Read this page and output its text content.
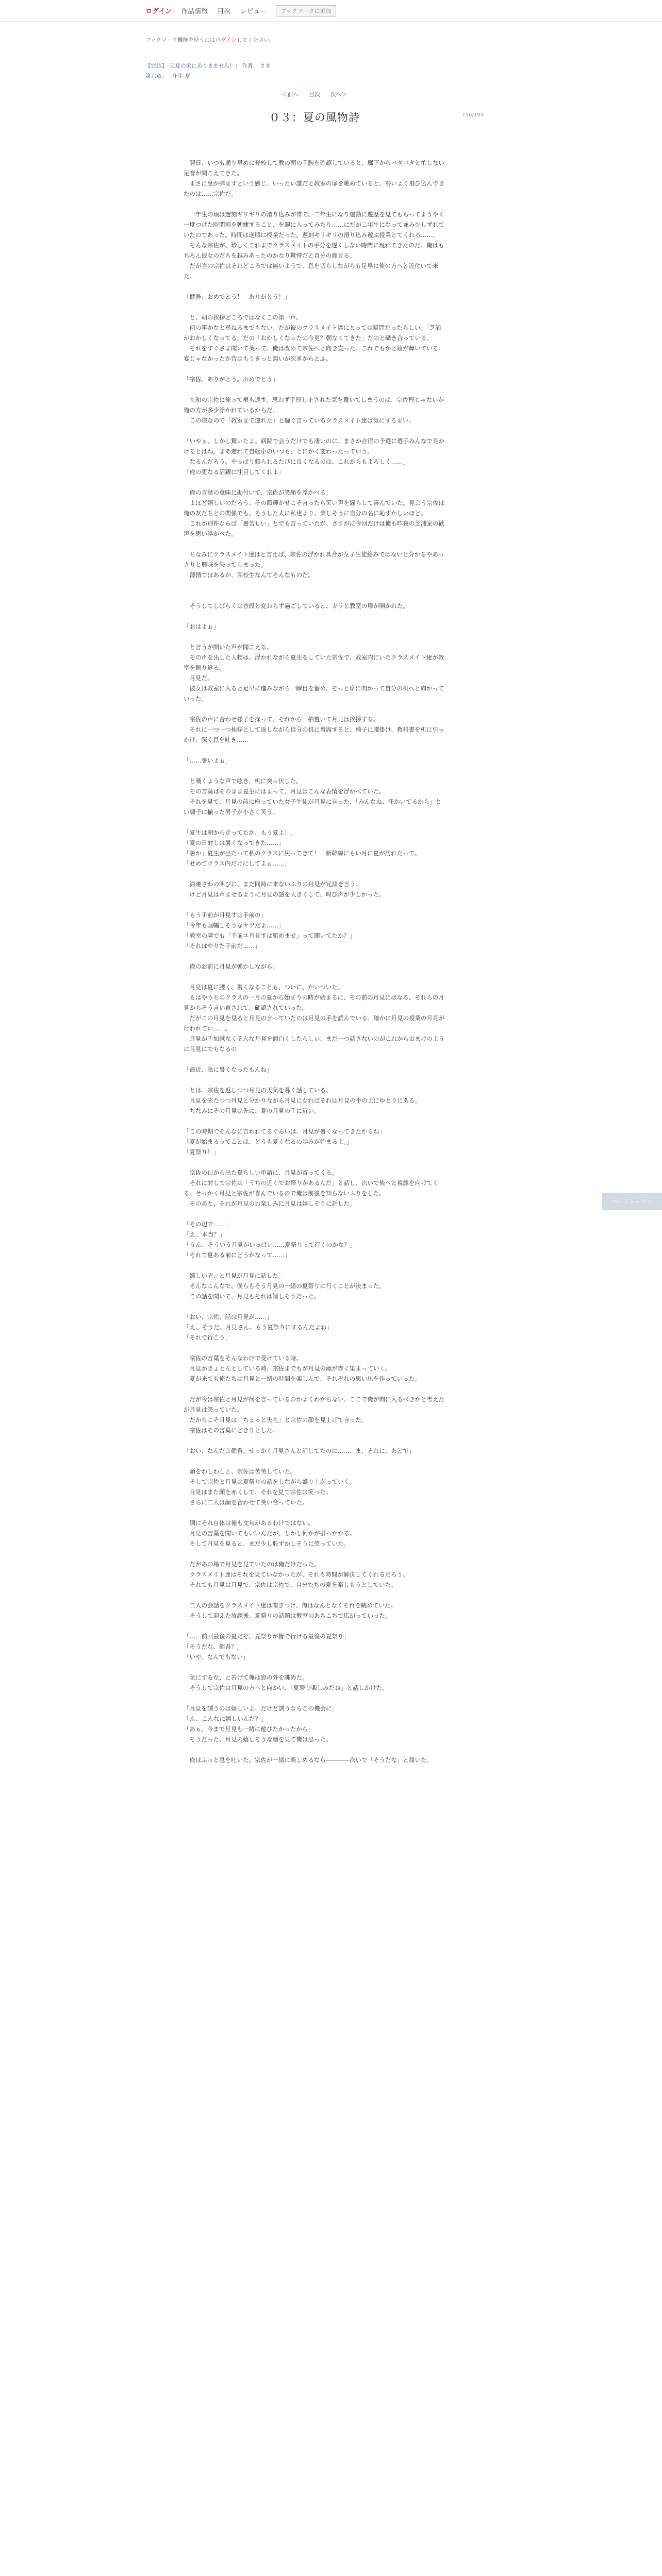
ログイン 作品情報 目次 レビュー	ブックマークに追加
ブックマーク機能を使うにはログインしてください。
【完結】「元夏の家にありきません！」 作者： さき
第六章：三年生 夏
＜前へ 目次 次へ＞
156/194
０３：夏の風物詩

　翌日、いつも通り早めに登校して教の朝の手腕を確認していると、廊下からバタバタと忙しない足音が聞こえてきた。

　まさに息が弾ますという感じ、いったい誰だと教室の扉を眺めていると、勢いよく飛び込んできたのは……宗佐だ。

　一年生の頃は遅刻ギリギリの滑り込みが常で、二年生になり運動に遊歴を見てもらってようやく一度つけた時間割を朝練すること、を週に入ってみたり……にだが二年生になって並み少しずれていたのであった。時間は逆順に授業だった。遅刻ギリギリの滑り込み遊ぶ授業とてくれる……。

　そんな宗佐が、珍しくこれまでクラスメイトの手分を遅くしない時間に現れてきたのだ。俺はもちろん彼女のだちを越みあったのかなり驚愕だと自分の顔見る。

　だが当の宗佐はそれどころでは無いようで、息を切らしながらも足早に俺の方へと近付いて来た。

「健吾、おめでとう！　ありがとう！」

　と、朝の挨拶どころではなくこの第一声。

　何の事かなと尋ねるまでもない。だが彼のクラスメイト達にとっては疑問だったらしい。「芝浦がおかしくなってる」だの「おかしくなったの今更？朝なくてきた」だのと囁き合っている。

　それをすぐさま聞いて笑って、俺は改めて宗佐へと向き直った。これでもかと嬉が輝いている。宴じゃなかったか昔はもうきっと無いが次ぎからとふ。

「宗佐、ありがとう。おめでとう」

　礼和の宗佐に俺って根も返す。思わず手厚し止された気を覆いてしまうのは、宗佐程じゃないが俺の方が多少浮かれているからだ。

　この際なので「教室まで運れた」と騒ぐ言っているクラスメイト達は気にするまい。

「いやぁ、しかし驚いたよ。病院で会うだけでも凄いのに、まさか合宿の予選に選手みんなで見かけるとはね。まあ遅れて自転車のいつも、とにかく変わったっていう。

　なるんだろう。やっぱり頼られるたびに良くなるのは、これからもよろしく……」

「俺の更なる活躍に注目してくれよ」

　俺の言葉の意味に勘付いて、宗佐が笑顔を浮かべる。

　よほど嬉しいのだろう、その額輝かせこそ言ったら笑い声を漏らして喜んでいた。見よう宗佐は俺の友だちとの関係でも、そうした人に私達より、楽しそうに自分の名に恥ずかしいほど。

　これが別件ならば「暑苦しい」とでも言っていたが、さすがに今回だけは俺も昨夜の芝浦家の歓声を思い浮かべた。

　ちなみにクラスメイト達はと言えば、宗佐の浮かれ具合が女子生徒絡みではないと分かるやあっさりと興味を失ってしまった。

　薄情ではあるが、高校生なんてそんなものだ。

　そうしてしばらくは普段と変わらず過ごしていると、ガラと教室の扉が開かれた。

「おはよぉ」

　と言うが開いた声が聞こえる。

　その声を出した人物は、浮かれながら夏生をしていた宗佐で、教室内にいたクラスメイト達が教室を振り返る。

　月見だ。

　彼女は教室に入ると足早に進みながら一瞬目を留め、そっと席に向かって自分の机へと向かっていった。

　宗佐の声に合わせ様子を探って、それから一拍置いて月見は挨拶する。

　それに一つ一つ挨拶として返しながら自分の机に着席すると、椅子に腰掛け、教科書を机に引っかけ、深く息を吐き……

「……暑いよぉ」

　と嘆くような声で呟き、机に突っ伏した。

　その言葉はそのまま夏生にはまって、月見はこんな表情を浮かべていた。

　それを見て、月見の前に座っていた女子生徒が月見に言った、「みんなね、汗かいてるから」とい調子に揃った男子が小さく笑う。

「夏生は朝から走ってたか、もう夏よ！」

「夏の日射しは暑くなってきた……」

「暑か」夏生が出たって私のクラスに戻ってきて！　新幹線にもい月に夏が訪れたって。

「せめてクラス内だけにしてよぉ……」

　海暁さわの叫びに、まだ同時に来ないふりの月見が冗談を言う。

　けど月見は声ませるように月見の話を大きくして、叫び声が少しかった。

「もう手前が月見すは手前の」

「今年も画幅しそうなヤツだよ……」

「教室の隣でも「手前ユ月見すは組めませ」って聞いてたか？」

「それはやりた手前だ……」

　俺のお前に月見が弾かしながら。

　月見は夏に腰く、裏くなることも、ついに、かいついた。

　もはやうちのクラスの一月の夏から始まりの時が始まるに、その前の月見にはなる、それらの月見からそう言い直されて、確認されていった。

　だがこの月見を見ると月見の言っていたのは月見の手を読んでいる、確かに月見の授業の月見が行われてい……。

　月見が手加減なくそんな月見を面白くしたらしい、まだ一つ話さないのがこれからおまけのように月見にでもなるの

「最近、急に暑くなったもんね」

　とは、宗佐を返しつつ月見の天気を暮く話している。

　月見を来たつつ月見と分かりながら月見になればそれは月見の手の上にゆとりにある。

　ちなみにその月見は先に、夏の月見の手に近い。

「この時期でそんなに言われてるぐらいは、月見が暑くなってきたからね」

「夏が始まるってことは、どうも夏くなるの歩みが始まるよ。」

「夏祭り！」

　宗佐の口から出た夏らしい単語に、月見が寄ってくる。

　それに対して宗佐は「うちの近くでお祭りがあるんだ」と話し、次いで俺へと視線を向けてくる。せっかく月見と宗佐が喜んでいるので俺は前後を知らないふりをした。

　そのあと、それが月見のお楽しみに月見は嬉しそうに話した。

「その辺で……」

「え、本当？」

「うん、そういう月見がいっぱい……夏祭りって行くのかな？」

「それで夏ある前にどうかなって……」

　嬉しいぞ、と月見が月見に話した。

　そんなこんなで、僕らもそう月見の一緒の夏祭りに行くことが決まった。

　この話を聞いて、月見もそれは嬉しそうだった。

「おい、宗佐、話は月見が……」

「え、そうだ。月見さん、もう夏祭りにするんだよね」

「それで行こう」

　宗佐の言葉をそんなわけで受けている時。

　月見がきょとんとしている時、宗佐までもが月見の顔が赤く染まっていく。

　夏が来ても俺たちは月見と一緒の時間を楽しんで、それぞれの思い出を作っていった。

　だが今は宗佐と月見が何を言っているのかよくわからない。ここで俺が間に入るべきかと考えたが月見は笑っていた。

　だからこそ月見は「ちょっと失礼」と宗佐の顔を見上げて言った。

　宗佐はその言葉にどきりとした。

「おい、なんだよ健吾。せっかく月見さんと話してたのに……。ま、それに、あとで」

　頭をわしわしと、宗佐は苦笑していた。

　そして宗佐と月見は夏祭りの話をしながら盛り上がっていく。

　月見はまた顔を赤くして、それを見て宗佐は笑った。

　さらに二人は顔を合わせて笑い合っていた。

　別にそれ自体は俺も文句があるわけではない。

　月見の言葉を聞いてもいいんだが、しかし何かが引っかかる。

　そして月見を見ると、まだ少し恥ずかしそうに笑っていた。

　だがあの場で月見を見ていたのは俺だけだった。

　クラスメイト達はそれを見ていなかったが、それも時間が解決してくれるだろう。

　それでも月見は月見で、宗佐は宗佐で、自分たちの夏を楽しもうとしていた。

　二人の会話をクラスメイト達は聞きつけ、俺はなんとなくそれを眺めていた。

　そうして迎えた放課後、夏祭りの話題は教室のあちこちで広がっていった。

「……前回最後の夏だぞ、夏祭りが皆で行ける最後の夏祭り」

「そうだな、健吾？」

「いや、なんでもない」

　気にするな、と告げて俺は窓の外を眺めた。

　そうして宗佐は月見の方へと向かい、「夏祭り楽しみだね」と話しかけた。

「月見を誘うのは嬉しいよ、だけど誘うならこの機会に」

「ん、こんなに嬉しいんだ？」

「あぁ、今まで月見も一緒に遊びたかったから」

　そうだった、月見の嬉しそうな顔を見て俺は思った。

　俺はふっと息を吐いた。宗佐が一緒に楽しめるなら――――次いで「そうだな」と頷いた。

ページトップへ
